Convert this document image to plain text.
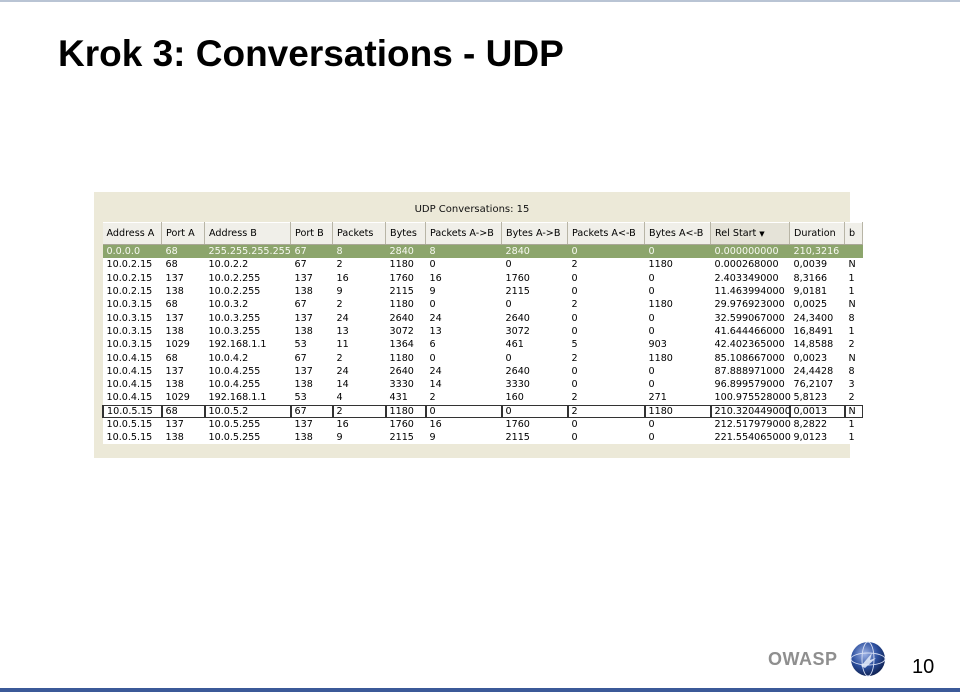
Krok 3: Conversations - UDP
UDP Conversations: 15
Address A	Port A	Address B	Port B	Packets	Bytes	Packets A->B	Bytes A->B	Packets A<-B	Bytes A<-B	Rel Start ▼	Duration	b
0.0.0.0	68	255.255.255.255	67	8	2840	8	2840	0	0	0.000000000	210,3216	
10.0.2.15	68	10.0.2.2	67	2	1180	0	0	2	1180	0.000268000	0,0039	N
10.0.2.15	137	10.0.2.255	137	16	1760	16	1760	0	0	2.403349000	8,3166	1
10.0.2.15	138	10.0.2.255	138	9	2115	9	2115	0	0	11.463994000	9,0181	1
10.0.3.15	68	10.0.3.2	67	2	1180	0	0	2	1180	29.976923000	0,0025	N
10.0.3.15	137	10.0.3.255	137	24	2640	24	2640	0	0	32.599067000	24,3400	8
10.0.3.15	138	10.0.3.255	138	13	3072	13	3072	0	0	41.644466000	16,8491	1
10.0.3.15	1029	192.168.1.1	53	11	1364	6	461	5	903	42.402365000	14,8588	2
10.0.4.15	68	10.0.4.2	67	2	1180	0	0	2	1180	85.108667000	0,0023	N
10.0.4.15	137	10.0.4.255	137	24	2640	24	2640	0	0	87.888971000	24,4428	8
10.0.4.15	138	10.0.4.255	138	14	3330	14	3330	0	0	96.899579000	76,2107	3
10.0.4.15	1029	192.168.1.1	53	4	431	2	160	2	271	100.975528000	5,8123	2
10.0.5.15	68	10.0.5.2	67	2	1180	0	0	2	1180	210.320449000	0,0013	N
10.0.5.15	137	10.0.5.255	137	16	1760	16	1760	0	0	212.517979000	8,2822	1
10.0.5.15	138	10.0.5.255	138	9	2115	9	2115	0	0	221.554065000	9,0123	1
OWASP	10
